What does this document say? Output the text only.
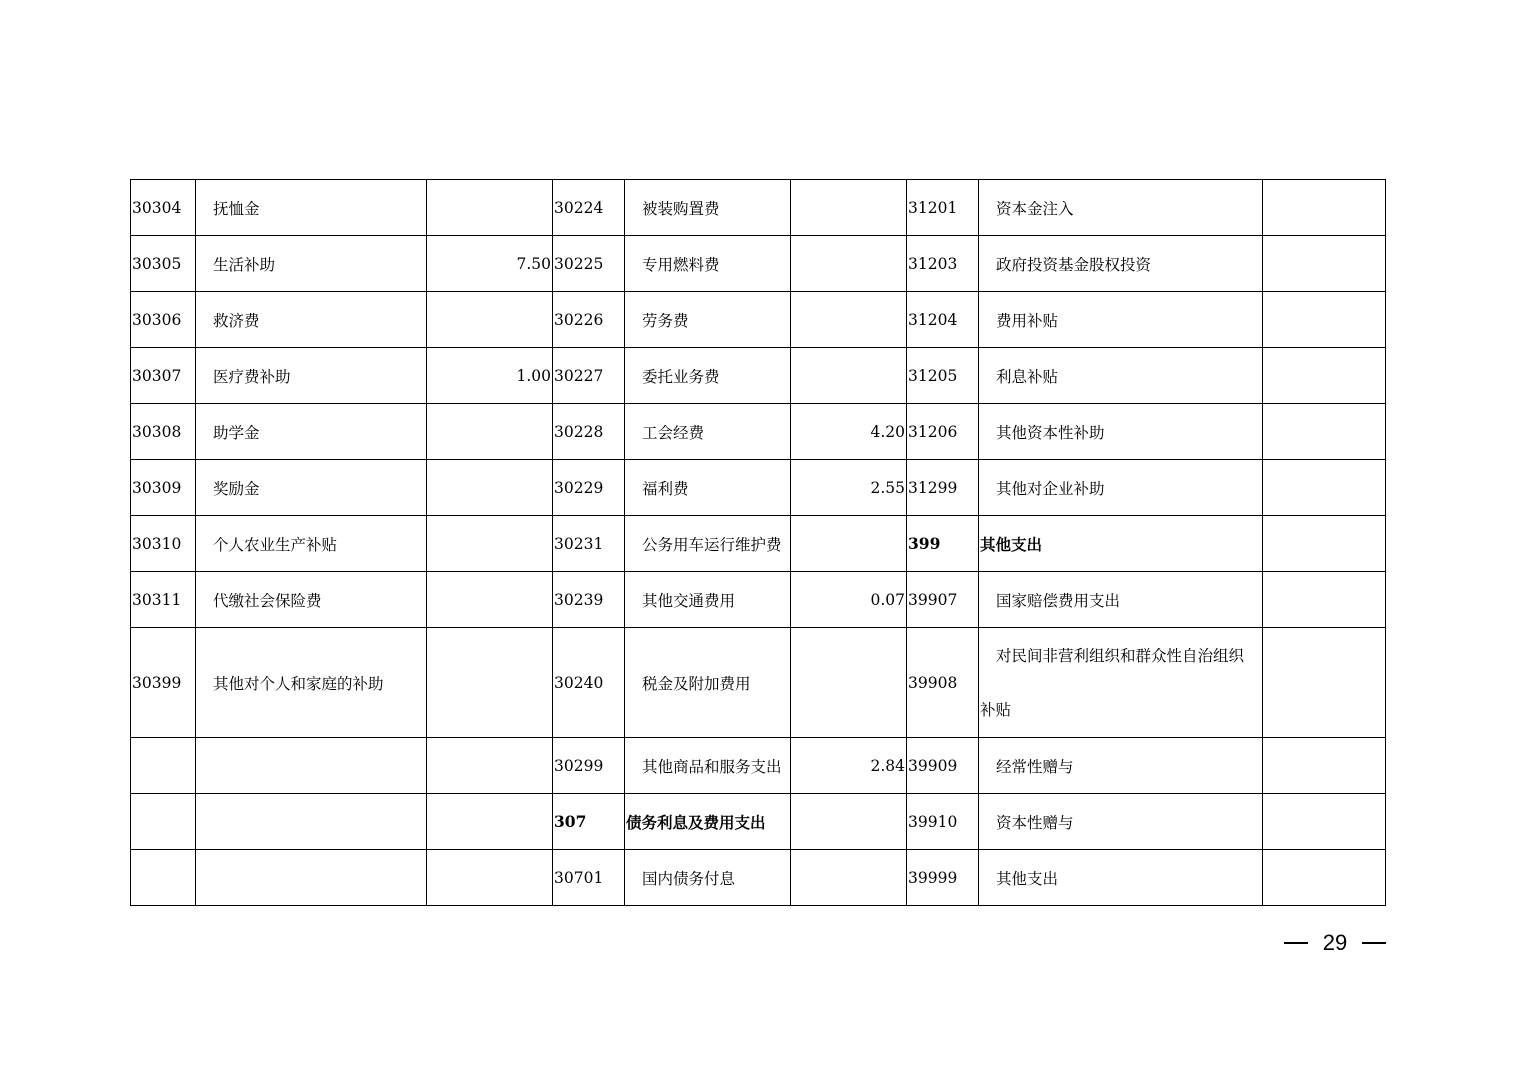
30304	抚恤金		30224	被装购置费		31201	资本金注入	
30305	生活补助	7.50	30225	专用燃料费		31203	政府投资基金股权投资	
30306	救济费		30226	劳务费		31204	费用补贴	
30307	医疗费补助	1.00	30227	委托业务费		31205	利息补贴	
30308	助学金		30228	工会经费	4.20	31206	其他资本性补助	
30309	奖励金		30229	福利费	2.55	31299	其他对企业补助	
30310	个人农业生产补贴		30231	公务用车运行维护费		399	其他支出	
30311	代缴社会保险费		30239	其他交通费用	0.07	39907	国家赔偿费用支出	
30399	其他对个人和家庭的补助		30240	税金及附加费用		39908	对民间非营利组织和群众性自治组织补贴	
			30299	其他商品和服务支出	2.84	39909	经常性赠与	
			307	债务利息及费用支出		39910	资本性赠与	
			30701	国内债务付息		39999	其他支出	
29
